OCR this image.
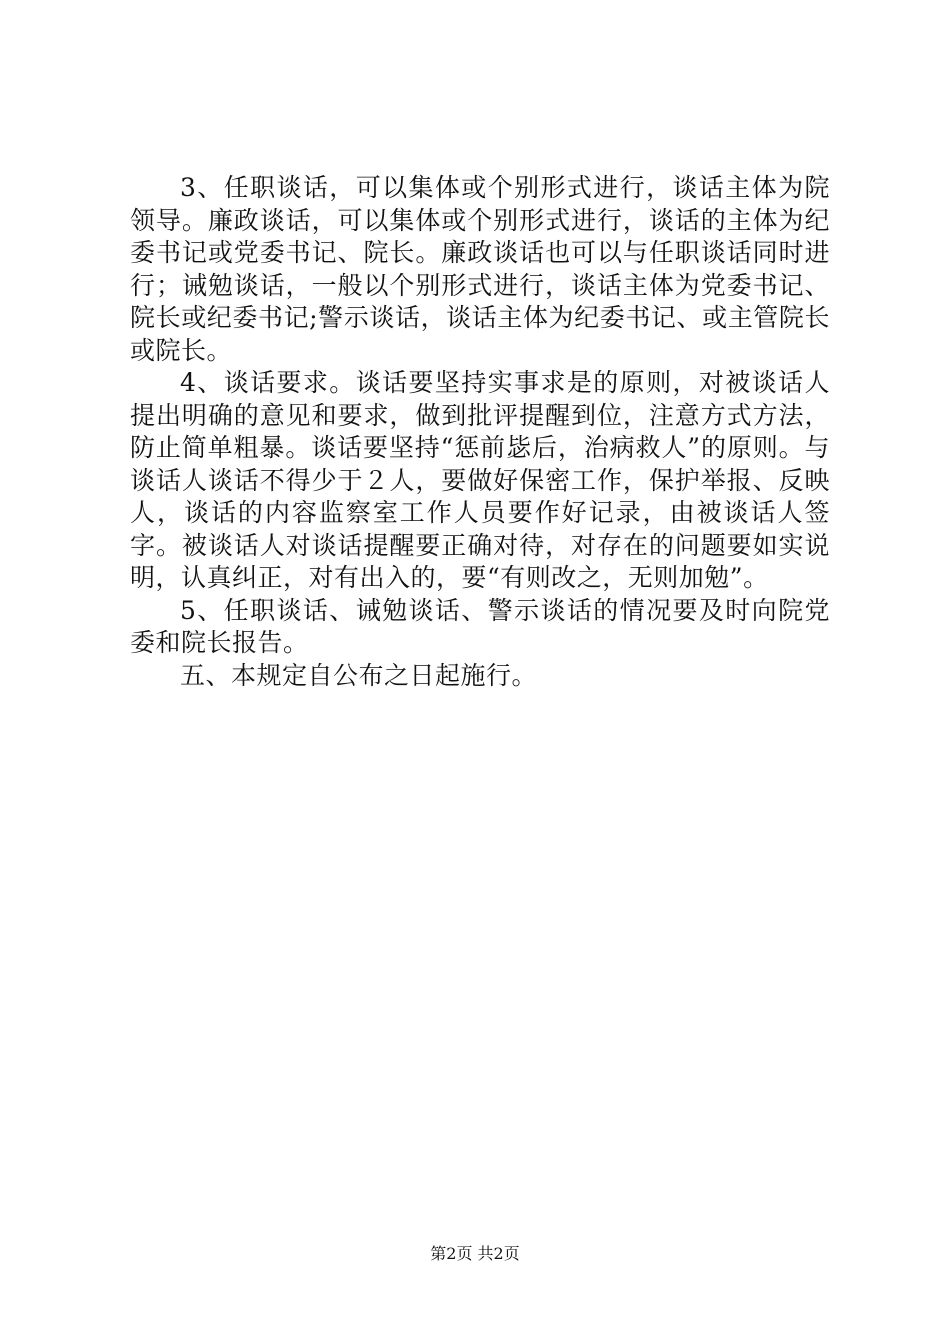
3、任职谈话，可以集体或个别形式进行，谈话主体为院领导。廉政谈话，可以集体或个别形式进行，谈话的主体为纪委书记或党委书记、院长。廉政谈话也可以与任职谈话同时进行；诫勉谈话，一般以个别形式进行，谈话主体为党委书记、院长或纪委书记;警示谈话，谈话主体为纪委书记、或主管院长或院长。

4、谈话要求。谈话要坚持实事求是的原则，对被谈话人提出明确的意见和要求，做到批评提醒到位，注意方式方法，防止简单粗暴。谈话要坚持“惩前毖后，治病救人”的原则。与谈话人谈话不得少于２人，要做好保密工作，保护举报、反映人，谈话的内容监察室工作人员要作好记录，由被谈话人签字。被谈话人对谈话提醒要正确对待，对存在的问题要如实说明，认真纠正，对有出入的，要“有则改之，无则加勉”。

5、任职谈话、诫勉谈话、警示谈话的情况要及时向院党委和院长报告。

五、本规定自公布之日起施行。

第2页 共2页
